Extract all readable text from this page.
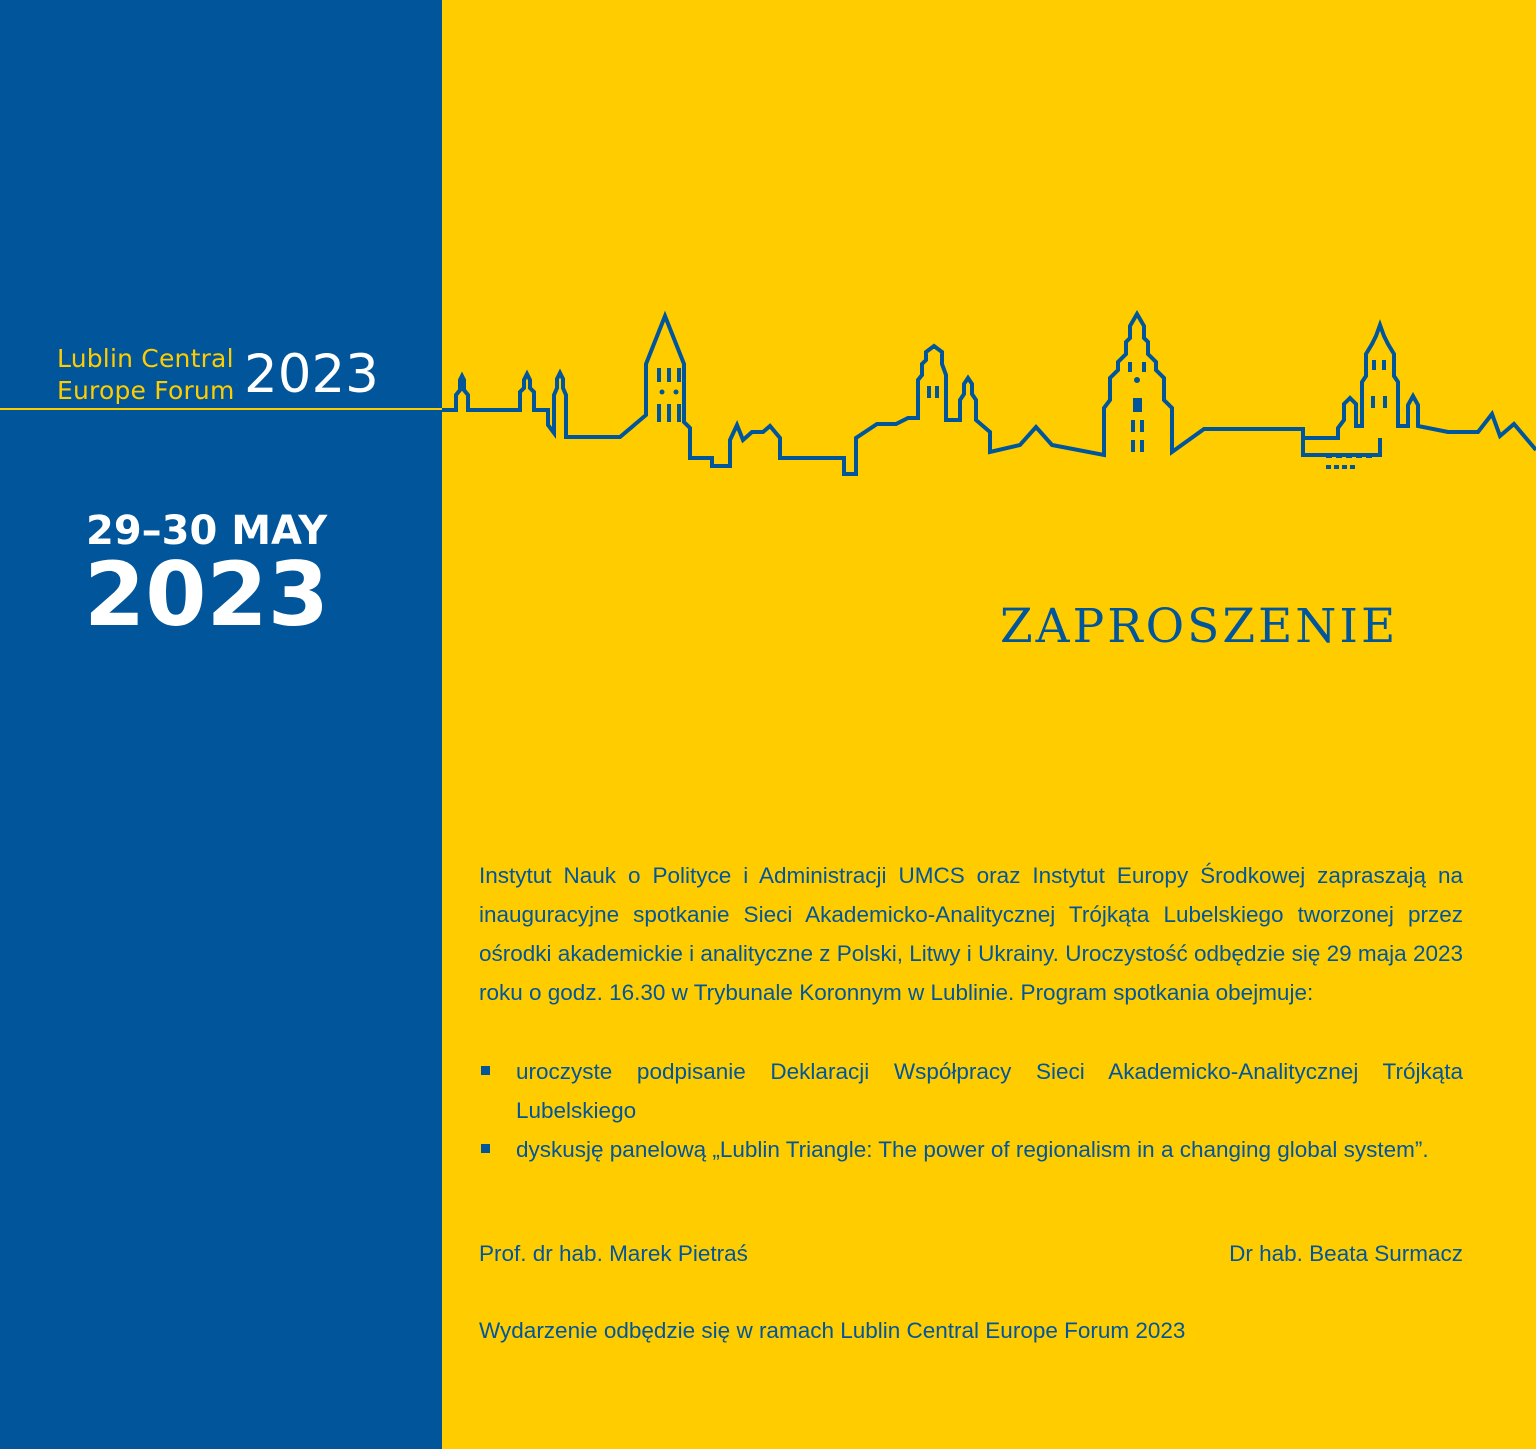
Lublin Central
Europe Forum 2023
29–30 MAY
2023	ZAPROSZENIE

Instytut Nauk o Polityce i Administracji UMCS oraz Instytut Europy Środkowej zapraszają na inauguracyjne spotkanie Sieci Akademicko-Analitycznej Trójkąta Lubelskiego tworzonej przez ośrodki akademickie i analityczne z Polski, Litwy i Ukrainy. Uroczystość odbędzie się 29 maja 2023 roku o godz. 16.30 w Trybunale Koronnym w Lublinie. Program spotkania obejmuje:

uroczyste podpisanie Deklaracji Współpracy Sieci Akademicko-Analitycznej Trójkąta Lubelskiego
dyskusję panelową „Lublin Triangle: The power of regionalism in a changing global system”.
Prof. dr hab. Marek Pietraś	Dr hab. Beata Surmacz
Wydarzenie odbędzie się w ramach Lublin Central Europe Forum 2023
